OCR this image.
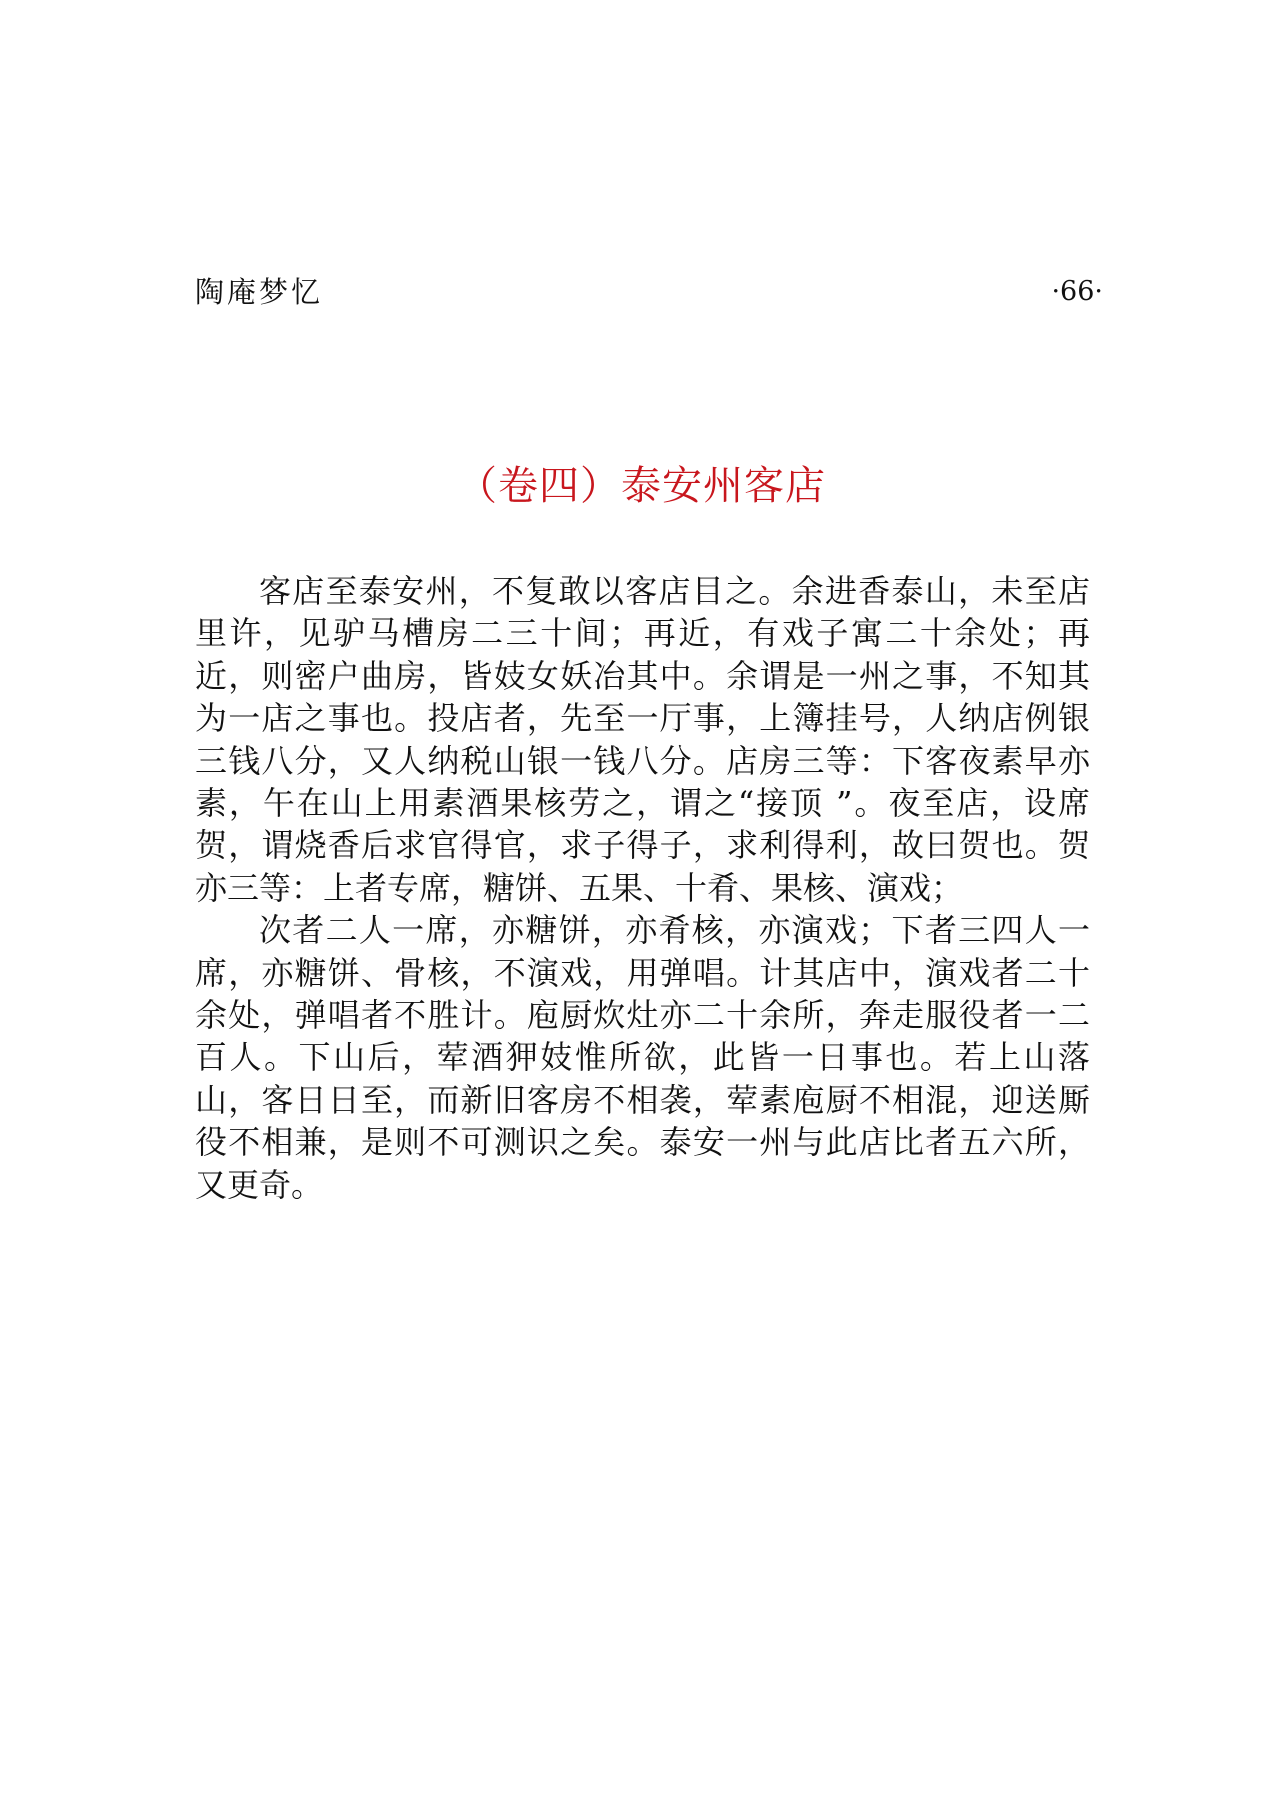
陶庵梦忆	·66·
（卷四）泰安州客店

客店至泰安州，不复敢以客店目之。余进香泰山，未至店里许，见驴马槽房二三十间；再近，有戏子寓二十余处；再近，则密户曲房，皆妓女妖冶其中。余谓是一州之事，不知其为一店之事也。投店者，先至一厅事，上簿挂号，人纳店例银三钱八分，又人纳税山银一钱八分。店房三等：下客夜素早亦素，午在山上用素酒果核劳之，谓之“接顶 ”。夜至店，设席贺，谓烧香后求官得官，求子得子，求利得利，故曰贺也。贺亦三等：上者专席，糖饼、五果、十肴、果核、演戏；

次者二人一席，亦糖饼，亦肴核，亦演戏；下者三四人一席，亦糖饼、骨核，不演戏，用弹唱。计其店中，演戏者二十余处，弹唱者不胜计。庖厨炊灶亦二十余所，奔走服役者一二百人。下山后，荤酒狎妓惟所欲，此皆一日事也。若上山落山，客日日至，而新旧客房不相袭，荤素庖厨不相混，迎送厮役不相兼，是则不可测识之矣。泰安一州与此店比者五六所，又更奇。
